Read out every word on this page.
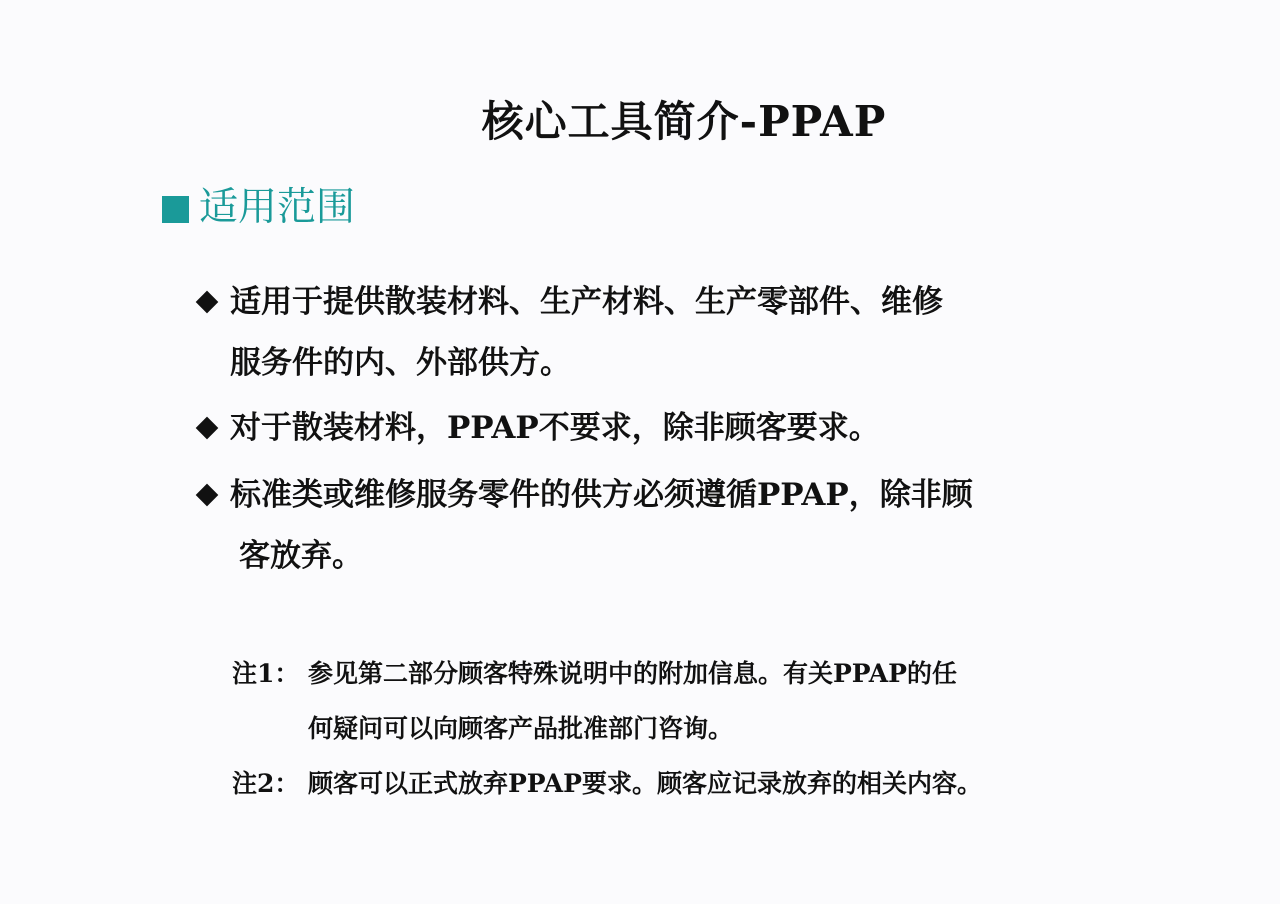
核心工具简介-PPAP
适用范围
适用于提供散装材料、生产材料、生产零部件、维修
服务件的内、外部供方。
对于散装材料，PPAP不要求，除非顾客要求。
标准类或维修服务零件的供方必须遵循PPAP，除非顾
客放弃。
注1： 参见第二部分顾客特殊说明中的附加信息。有关PPAP的任
何疑问可以向顾客产品批准部门咨询。
注2： 顾客可以正式放弃PPAP要求。顾客应记录放弃的相关内容。
